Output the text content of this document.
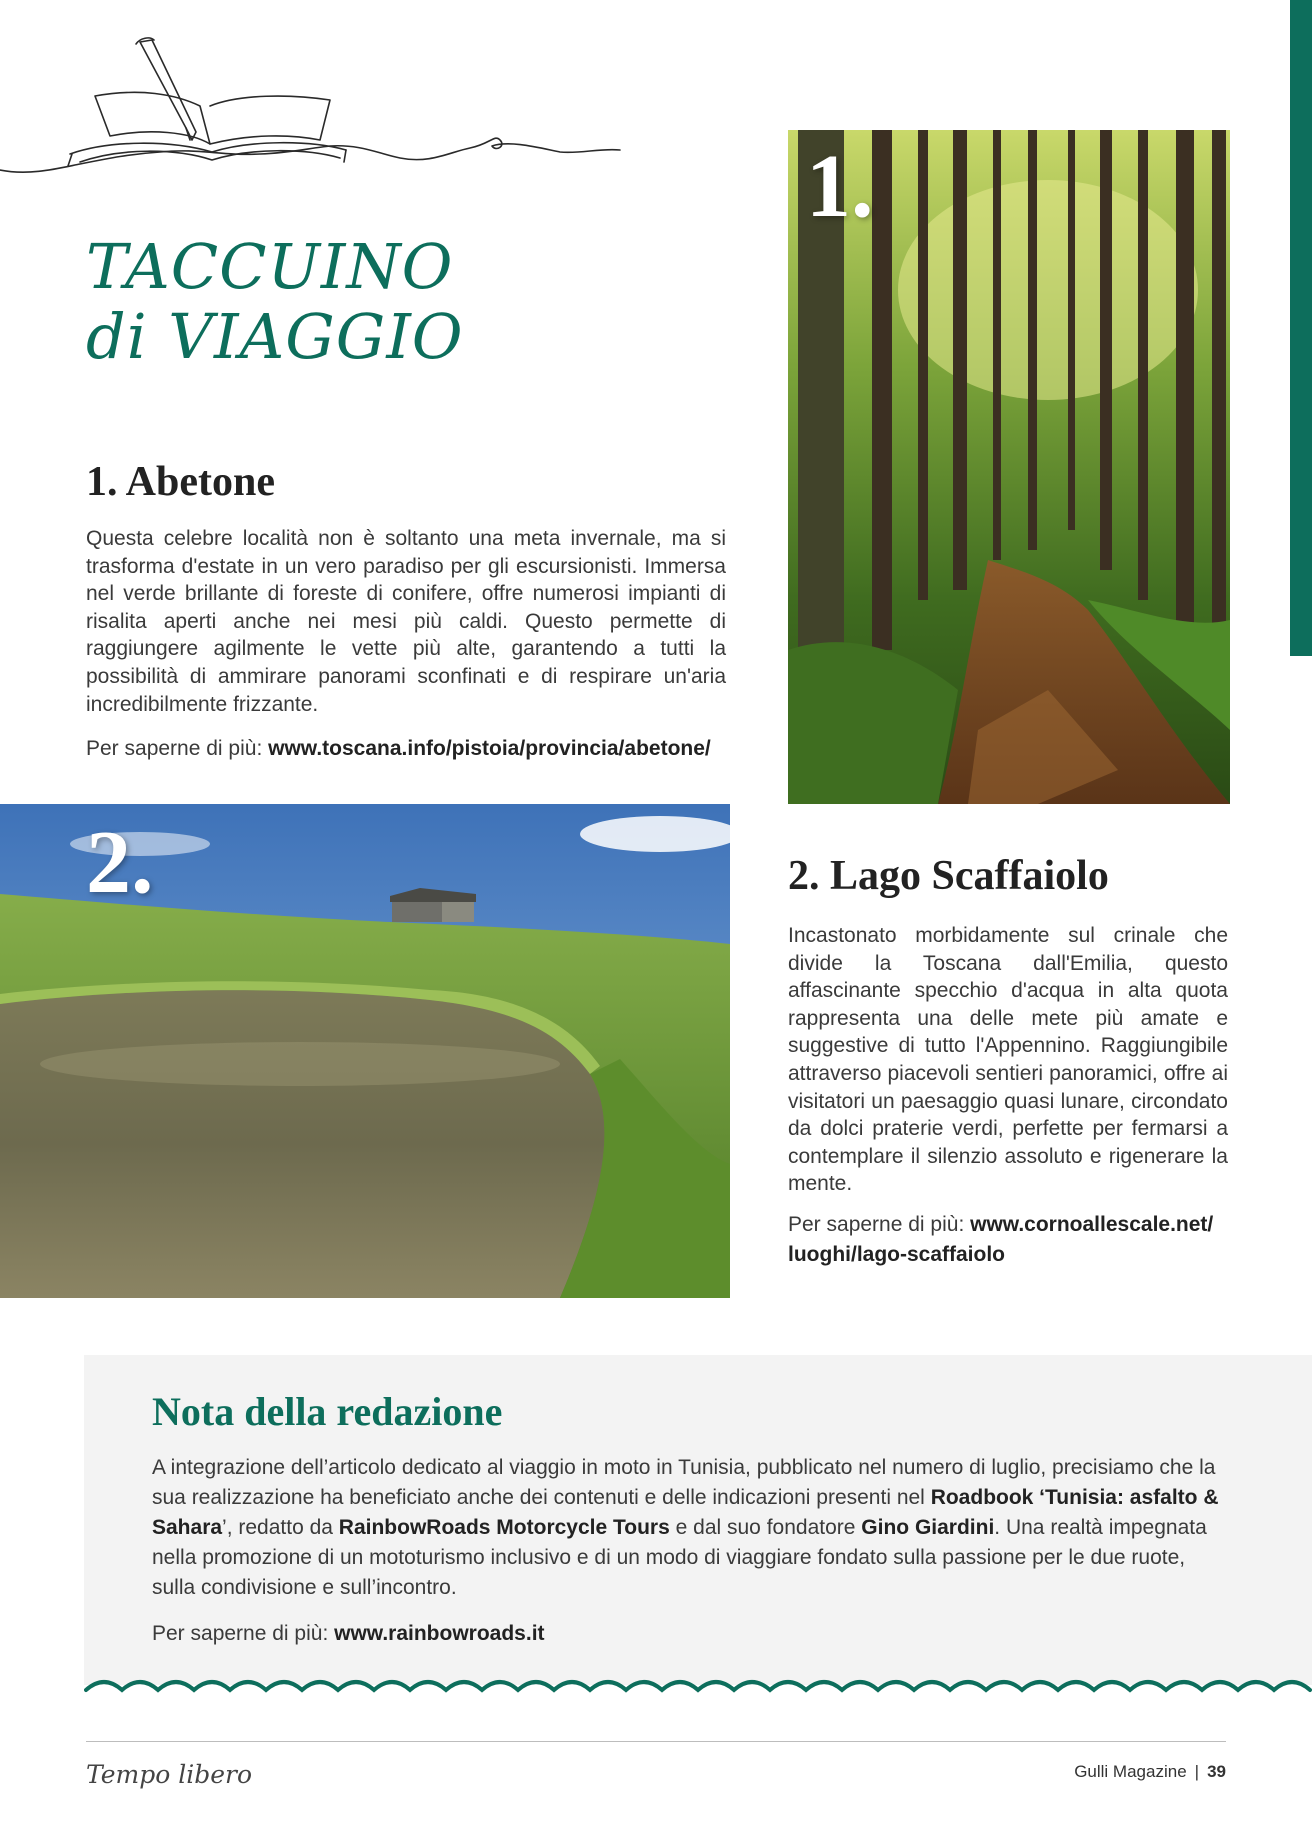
TACCUINO
di VIAGGIO
1. Abetone

Questa celebre località non è soltanto una meta invernale, ma si trasforma d'estate in un vero paradiso per gli escursionisti. Immersa nel verde brillante di foreste di conifere, offre numerosi impianti di risalita aperti anche nei mesi più caldi. Questo permette di raggiungere agilmente le vette più alte, garantendo a tutti la possibilità di ammirare panorami sconfinati e di respirare un'aria incredibilmente frizzante.

Per saperne di più: www.toscana.info/pistoia/provincia/abetone/

1.
2.	2. Lago Scaffaiolo

Incastonato morbidamente sul crinale che divide la Toscana dall'Emilia, questo affascinante specchio d'acqua in alta quota rappresenta una delle mete più amate e suggestive di tutto l'Appennino. Raggiungibile attraverso piacevoli sentieri panoramici, offre ai visitatori un paesaggio quasi lunare, circondato da dolci praterie verdi, perfette per fermarsi a contemplare il silenzio assoluto e rigenerare la mente.

Per saperne di più: www.cornoallescale.net/
luoghi/lago-scaffaiolo

Nota della redazione

A integrazione dell’articolo dedicato al viaggio in moto in Tunisia, pubblicato nel numero di luglio, precisiamo che la sua realizzazione ha beneficiato anche dei contenuti e delle indicazioni presenti nel Roadbook ‘Tunisia: asfalto & Sahara’, redatto da RainbowRoads Motorcycle Tours e dal suo fondatore Gino Giardini. Una realtà impegnata nella promozione di un mototurismo inclusivo e di un modo di viaggiare fondato sulla passione per le due ruote, sulla condivisione e sull’incontro.

Per saperne di più: www.rainbowroads.it

Tempo libero	Gulli Magazine | 39
